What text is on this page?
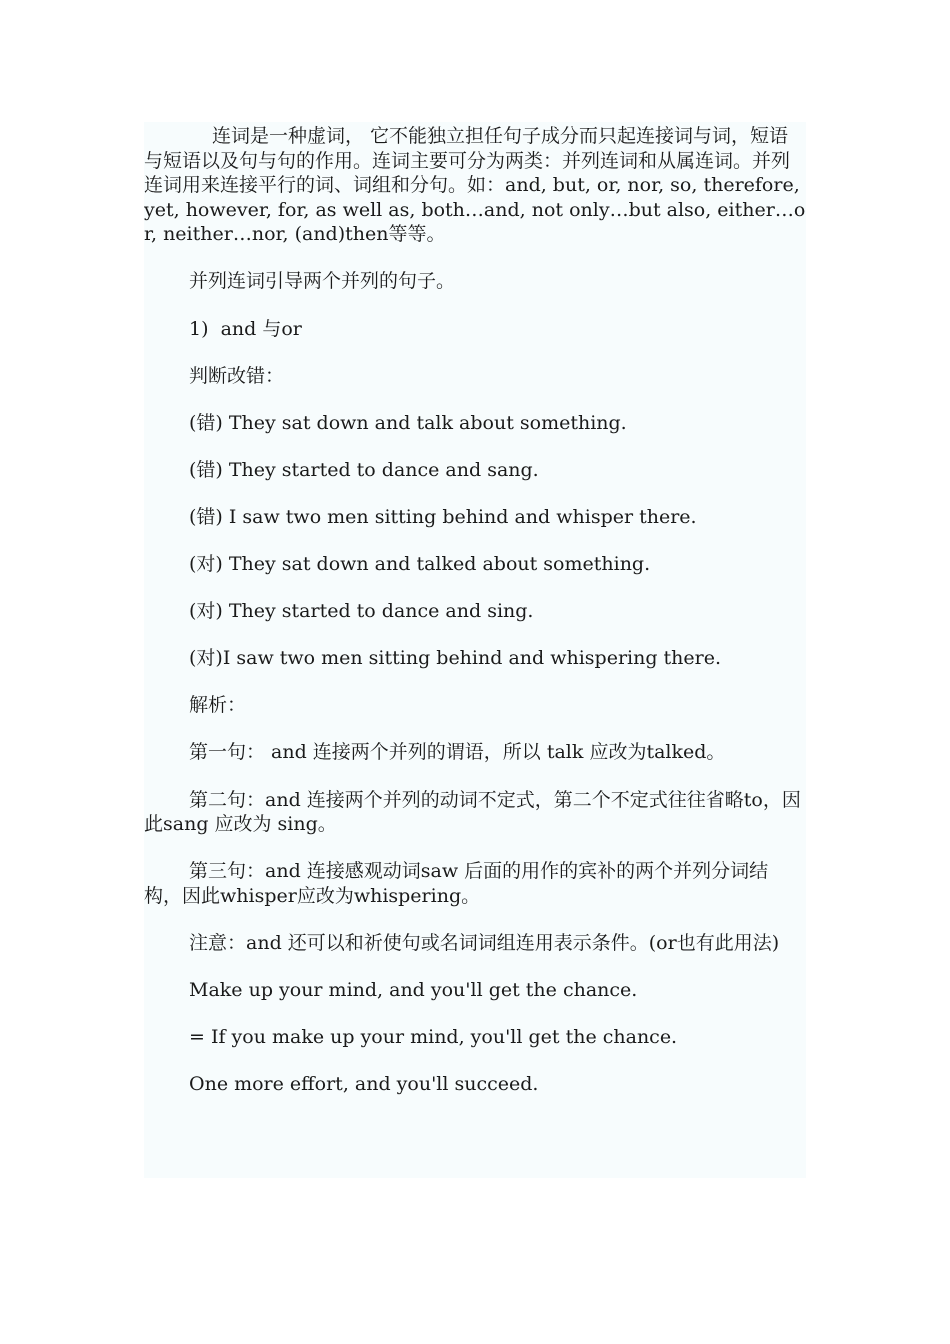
连词是一种虚词， 它不能独立担任句子成分而只起连接词与词，短语与短语以及句与句的作用。连词主要可分为两类：并列连词和从属连词。并列连词用来连接平行的词、词组和分句。如：and, but, or, nor, so, therefore, yet, however, for, as well as, both…and, not only…but also, either…or, neither…nor, (and)then等等。

并列连词引导两个并列的句子。

1)  and 与or

判断改错：

(错) They sat down and talk about something.

(错) They started to dance and sang.

(错) I saw two men sitting behind and whisper there.

(对) They sat down and talked about something.

(对) They started to dance and sing.

(对)I saw two men sitting behind and whispering there.

解析：

第一句： and 连接两个并列的谓语，所以 talk 应改为talked。

第二句：and 连接两个并列的动词不定式，第二个不定式往往省略to，因此sang 应改为 sing。

第三句：and 连接感观动词saw 后面的用作的宾补的两个并列分词结构，因此whisper应改为whispering。

注意：and 还可以和祈使句或名词词组连用表示条件。(or也有此用法)

Make up your mind, and you'll get the chance.

= If you make up your mind, you'll get the chance.

One more effort, and you'll succeed.
